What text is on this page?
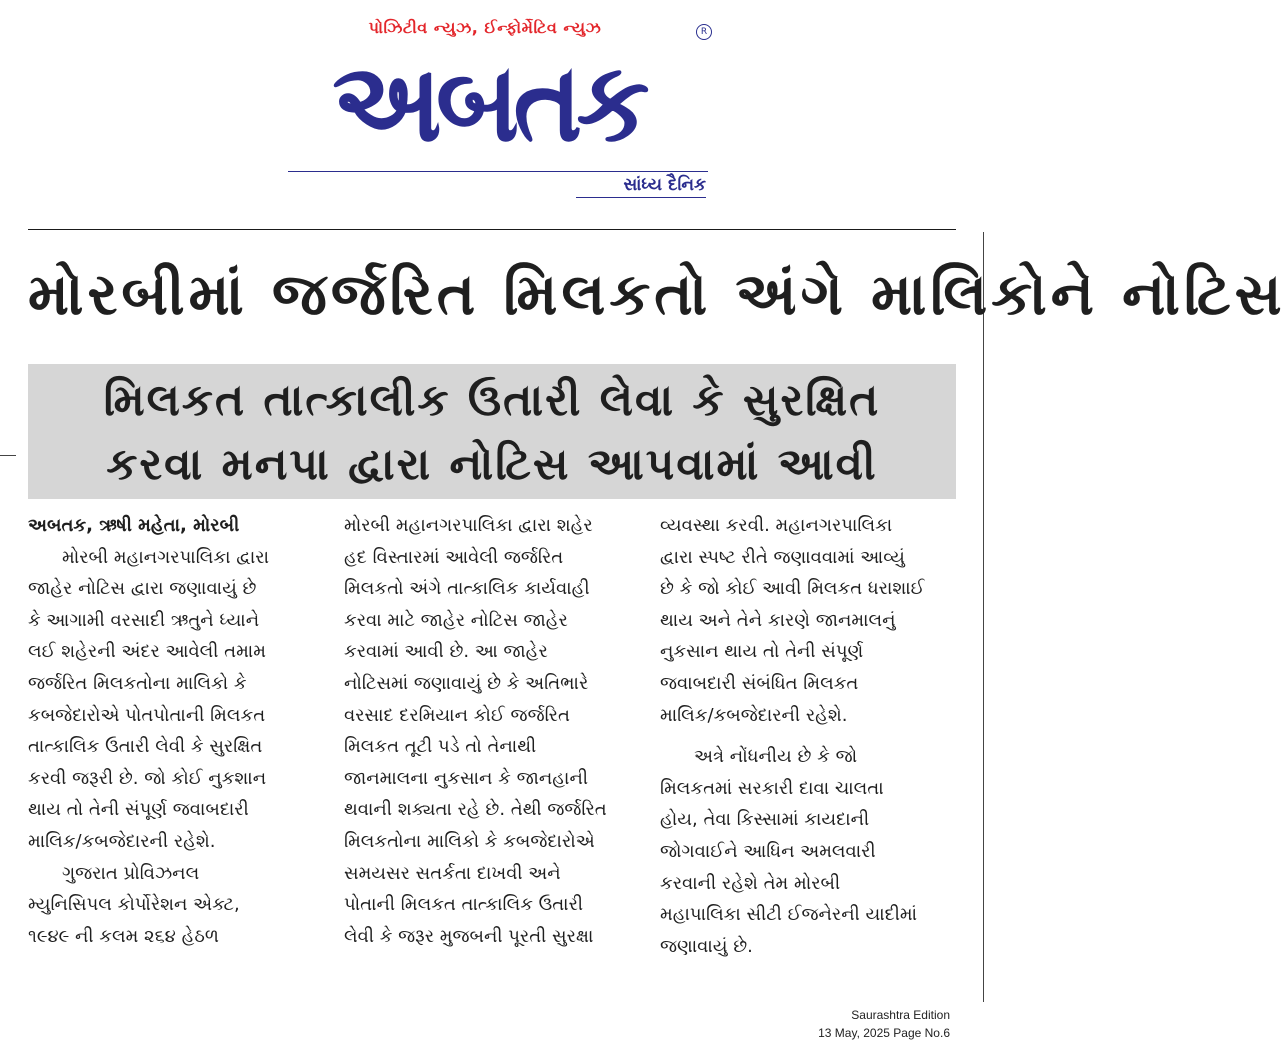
પોઝિટીવ ન્યુઝ, ઈન્ફોર્મેટિવ ન્યુઝ	R
અબતક
સાંધ્ય દૈનિક
મોરબીમાં જર્જરિત મિલકતો અંગે માલિકોને નોટિસ
મિલકત તાત્કાલીક ઉતારી લેવા કે સુરક્ષિત
કરવા મનપા દ્વારા નોટિસ આપવામાં આવી
અબતક, ઋષી મહેતા, મોરબી
મોરબી મહાનગરપાલિકા દ્વારા
જાહેર નોટિસ દ્વારા જણાવાયું છે
કે આગામી વરસાદી ઋતુને ધ્યાને
લઈ શહેરની અંદર આવેલી તમામ
જર્જરિત મિલકતોના માલિકો કે
કબજેદારોએ પોતપોતાની મિલકત
તાત્કાલિક ઉતારી લેવી કે સુરક્ષિત
કરવી જરૂરી છે. જો કોઈ નુકશાન
થાય તો તેની સંપૂર્ણ જવાબદારી
માલિક/કબજેદારની રહેશે.
ગુજરાત પ્રોવિઝનલ
મ્યુનિસિપલ કોર્પોરેશન એક્ટ,
૧૯૪૯ ની કલમ ૨૬૪ હેઠળ
મોરબી મહાનગરપાલિકા દ્વારા શહેર
હદ વિસ્તારમાં આવેલી જર્જરિત
મિલકતો અંગે તાત્કાલિક કાર્યવાહી
કરવા માટે જાહેર નોટિસ જાહેર
કરવામાં આવી છે. આ જાહેર
નોટિસમાં જણાવાયું છે કે અતિભારે
વરસાદ દરમિયાન કોઈ જર્જરિત
મિલકત તૂટી પડે તો તેનાથી
જાનમાલના નુકસાન કે જાનહાની
થવાની શક્યતા રહે છે. તેથી જર્જરિત
મિલકતોના માલિકો કે કબજેદારોએ
સમયસર સતર્કતા દાખવી અને
પોતાની મિલકત તાત્કાલિક ઉતારી
લેવી કે જરૂર મુજબની પૂરતી સુરક્ષા
વ્યવસ્થા કરવી. મહાનગરપાલિકા
દ્વારા સ્પષ્ટ રીતે જણાવવામાં આવ્યું
છે કે જો કોઈ આવી મિલકત ધરાશાઈ
થાય અને તેને કારણે જાનમાલનું
નુકસાન થાય તો તેની સંપૂર્ણ
જવાબદારી સંબંધિત મિલકત
માલિક/કબજેદારની રહેશે.
અત્રે નોંધનીય છે કે જો
મિલકતમાં સરકારી દાવા ચાલતા
હોય, તેવા કિસ્સામાં કાયદાની
જોગવાઈને આધિન અમલવારી
કરવાની રહેશે તેમ મોરબી
મહાપાલિકા સીટી ઈજનેરની યાદીમાં
જણાવાયું છે.
Saurashtra Edition
13 May, 2025 Page No.6
